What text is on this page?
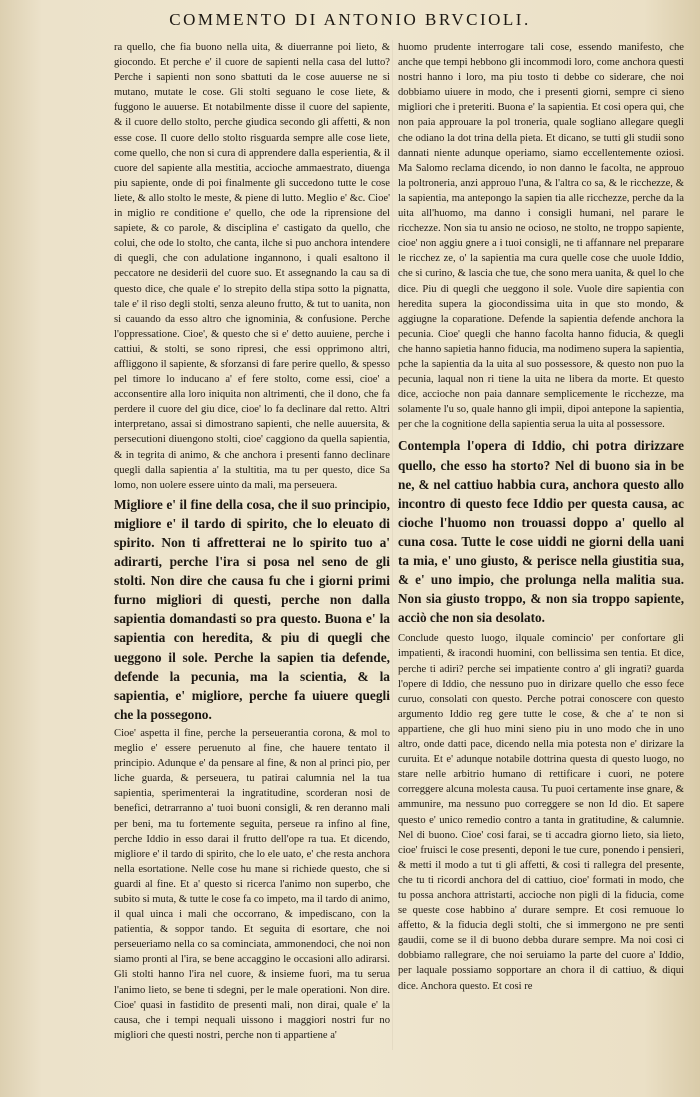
COMMENTO DI ANTONIO BRVCIOLI.

ra quello, che fia buono nella uita, & diuerranne poi lieto, & giocondo. Et perche e' il cuore de sapienti nella casa del lutto? Perche i sapienti non sono sbattuti da le cose auuerse ne si mutano, mutate le cose. Gli stolti seguano le cose liete, & fuggono le auuerse. Et notabilmente disse il cuore del sapiente, & il cuore dello stolto, perche giudica secondo gli affetti, & non esse cose. Il cuore dello stolto risguarda sempre alle cose liete, come quello, che non si cura di apprendere dalla esperientia, & il cuore del sapiente alla mestitia, accioche ammaestrato, diuenga piu sapiente, onde di poi finalmente gli succedono tutte le cose liete, & allo stolto le meste, & piene di lutto. Meglio e' &c. Cioe' in miglio re conditione e' quello, che ode la riprensione del sapiete, & co parole, & disciplina e' castigato da quello, che colui, che ode lo stolto, che canta, ilche si puo anchora intendere di quegli, che con adulatione ingannono, i quali esaltono il peccatore ne desiderii del cuore suo. Et assegnando la cau sa di questo dice, che quale e' lo strepito della stipa sotto la pignatta, tale e' il riso degli stolti, senza aleuno frutto, & tut to uanita, non si cauando da esso altro che ignominia, & confusione. Perche l'oppressatione. Cioe', & questo che si e' detto auuiene, perche i cattiui, & stolti, se sono ripresi, che essi opprimono altri, affliggono il sapiente, & sforzansi di fare perire quello, & spesso pel timore lo inducano a' ef fere stolto, come essi, cioe' a acconsentire alla loro iniquita non altrimenti, che il dono, che fa perdere il cuore del giu dice, cioe' lo fa declinare dal retto. Altri interpretano, assai si dimostrano sapienti, che nelle auuersita, & persecutioni diuengono stolti, cioe' caggiono da quella sapientia, & in tegrita di animo, & che anchora i presenti fanno declinare quegli dalla sapientia a' la stultitia, ma tu per questo, dice Sa lomo, non uolere essere uinto da mali, ma perseuera.

Migliore e' il fine della cosa, che il suo principio, migliore e' il tardo di spirito, che lo eleuato di spirito. Non ti affretterai ne lo spirito tuo a' adirarti, perche l'ira si posa nel seno de gli stolti. Non dire che causa fu che i giorni primi furno migliori di questi, perche non dalla sapientia domandasti so pra questo. Buona e' la sapientia con heredita, & piu di quegli che ueggono il sole. Perche la sapien tia defende, defende la pecunia, ma la scientia, & la sapientia, e' migliore, perche fa uiuere quegli che la possegono.

Cioe' aspetta il fine, perche la perseuerantia corona, & mol to meglio e' essere peruenuto al fine, che hauere tentato il principio. Adunque e' da pensare al fine, & non al princi pio, per liche guarda, & perseuera, tu patirai calumnia nel la tua sapientia, sperimenterai la ingratitudine, scorderan nosi de benefici, detrarranno a' tuoi buoni consigli, & ren deranno mali per beni, ma tu fortemente seguita, perseue ra infino al fine, perche Iddio in esso darai il frutto dell'ope ra tua. Et dicendo, migliore e' il tardo di spirito, che lo ele uato, e' che resta anchora nella esortatione. Nelle cose hu mane si richiede questo, che si guardi al fine. Et a' questo si ricerca l'animo non superbo, che subito si muta, & tutte le cose fa co impeto, ma il tardo di animo, il qual uinca i mali che occorrano, & impediscano, con la patientia, & soppor tando. Et seguita di esortare, che noi perseueriamo nella co sa cominciata, ammonendoci, che noi non siamo pronti al l'ira, se bene accaggino le occasioni allo adirarsi. Gli stolti hanno l'ira nel cuore, & insieme fuori, ma tu serua l'animo lieto, se bene ti sdegni, per le male operationi. Non dire. Cioe' quasi in fastidito de presenti mali, non dirai, quale e' la causa, che i tempi nequali uissono i maggiori nostri fur no migliori che questi nostri, perche non ti appartiene a'

huomo prudente interrogare tali cose, essendo manifesto, che anche que tempi hebbono gli incommodi loro, come anchora questi nostri hanno i loro, ma piu tosto ti debbe co siderare, che noi dobbiamo uiuere in modo, che i presenti giorni, sempre ci sieno migliori che i preteriti. Buona e' la sapientia. Et cosi opera qui, che non paia approuare la pol troneria, quale sogliano allegare quegli che odiano la dot trina della pieta. Et dicano, se tutti gli studii sono dannati niente adunque operiamo, siamo eccellentemente oziosi. Ma Salomo reclama dicendo, io non danno le facolta, ne approuo la poltroneria, anzi approuo l'una, & l'altra co sa, & le ricchezze, & la sapientia, ma antepongo la sapien tia alle ricchezze, perche da la uita all'huomo, ma danno i consigli humani, nel parare le ricchezze. Non sia tu ansio ne ocioso, ne stolto, ne troppo sapiente, cioe' non aggiu gnere a i tuoi consigli, ne ti affannare nel preparare le ricchez ze, o' la sapientia ma cura quelle cose che uuole Iddio, che si curino, & lascia che tue, che sono mera uanita, & quel lo che dice. Piu di quegli che ueggono il sole. Vuole dire sapientia con heredita supera la giocondissima uita in que sto mondo, & aggiugne la coparatione. Defende la sapientia defende anchora la pecunia. Cioe' quegli che hanno facolta hanno fiducia, & quegli che hanno sapietia hanno fiducia, ma nodimeno supera la sapientia, pche la sapientia da la uita al suo possessore, & questo non puo la pecunia, laqual non ri tiene la uita ne libera da morte. Et questo dice, accioche non paia dannare semplicemente le ricchezze, ma solamente l'u so, quale hanno gli impii, dipoi antepone la sapientia, per che la cognitione della sapientia serua la uita al possessore.

Contempla l'opera di Iddio, chi potra dirizzare quello, che esso ha storto? Nel di buono sia in be ne, & nel cattiuo habbia cura, anchora questo allo incontro di questo fece Iddio per questa causa, ac cioche l'huomo non trouassi doppo a' quello al cuna cosa. Tutte le cose uiddi ne giorni della uani ta mia, e' uno giusto, & perisce nella giustitia sua, & e' uno impio, che prolunga nella malitia sua. Non sia giusto troppo, & non sia troppo sapiente, acciò che non sia desolato.

Conclude questo luogo, ilquale comincio' per confortare gli impatienti, & iracondi huomini, con bellissima sen tentia. Et dice, perche ti adiri? perche sei impatiente contro a' gli ingrati? guarda l'opere di Iddio, che nessuno puo in dirizare quello che esso fece curuo, consolati con questo. Perche potrai conoscere con questo argumento Iddio reg gere tutte le cose, & che a' te non si appartiene, che gli huo mini sieno piu in uno modo che in uno altro, onde datti pace, dicendo nella mia potesta non e' dirizare la curuita. Et e' adunque notabile dottrina questa di questo luogo, no stare nelle arbitrio humano di rettificare i cuori, ne potere correggere alcuna molesta causa. Tu puoi certamente inse gnare, & ammunire, ma nessuno puo correggere se non Id dio. Et sapere questo e' unico remedio contro a tanta in gratitudine, & calumnie. Nel di buono. Cioe' cosi farai, se ti accadra giorno lieto, sia lieto, cioe' fruisci le cose presenti, deponi le tue cure, ponendo i pensieri, & metti il modo a tut ti gli affetti, & cosi ti rallegra del presente, che tu ti ricordi anchora del di cattiuo, cioe' formati in modo, che tu possa anchora attristarti, accioche non pigli di la fiducia, come se queste cose habbino a' durare sempre. Et cosi remuoue lo affetto, & la fiducia degli stolti, che si immergono ne pre senti gaudii, come se il di buono debba durare sempre. Ma noi cosi ci dobbiamo rallegrare, che noi seruiamo la parte del cuore a' Iddio, per laquale possiamo sopportare an chora il di cattiuo, & diqui dice. Anchora questo. Et cosi re
